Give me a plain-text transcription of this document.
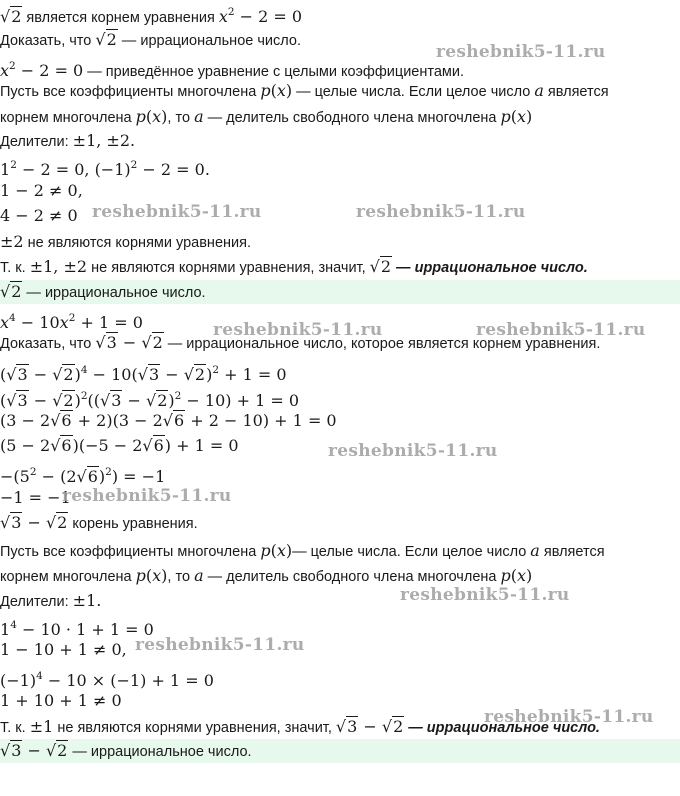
√2 является корнем уравнения $x^2 - 2 = 0$
Доказать, что √2 — иррациональное число.
$x^2 - 2 = 0$ — приведённое уравнение с целыми коэффициентами.
Пусть все коэффициенты многочлена p(x) — целые числа. Если целое число a является
корнем многочлена p(x), то a — делитель свободного члена многочлена p(x)
Делители: ±1, ±2.
$1^2 - 2 = 0$, $(-1)^2 - 2 = 0$.
1 − 2 ≠ 0,
4 − 2 ≠ 0
±2 не являются корнями уравнения.
Т. к. ±1, ±2 не являются корнями уравнения, значит, √2 — иррациональное число.
√2 — иррациональное число.
$x^4 - 10x^2 + 1 = 0$
Доказать, что √3 − √2 — иррациональное число, которое является корнем уравнения.
$(√3 - √2)^4 - 10(√3 - √2)^2 + 1 = 0$
$(√3 - √2)^2((√3 - √2)^2 - 10) + 1 = 0$
(3 − 2√6 + 2)(3 − 2√6 + 2 − 10) + 1 = 0
(5 − 2√6)(−5 − 2√6) + 1 = 0
$-(5^2 - (2√6)^2) = -1$
−1 = −1
√3 − √2 корень уравнения.
Пусть все коэффициенты многочлена p(x)— целые числа. Если целое число a является
корнем многочлена p(x), то a — делитель свободного члена многочлена p(x)
Делители: ±1.
$1^4 - 10 \cdot 1 + 1 = 0$
1 − 10 + 1 ≠ 0,
$(-1)^4 - 10 \times (-1) + 1 = 0$
1 + 10 + 1 ≠ 0
Т. к. ±1 не являются корнями уравнения, значит, √3 − √2 — иррациональное число.
√3 − √2 — иррациональное число.
reshebnik5-11.ru
reshebnik5-11.ru	reshebnik5-11.ru
reshebnik5-11.ru	reshebnik5-11.ru
reshebnik5-11.ru
reshebnik5-11.ru
reshebnik5-11.ru
reshebnik5-11.ru
reshebnik5-11.ru
